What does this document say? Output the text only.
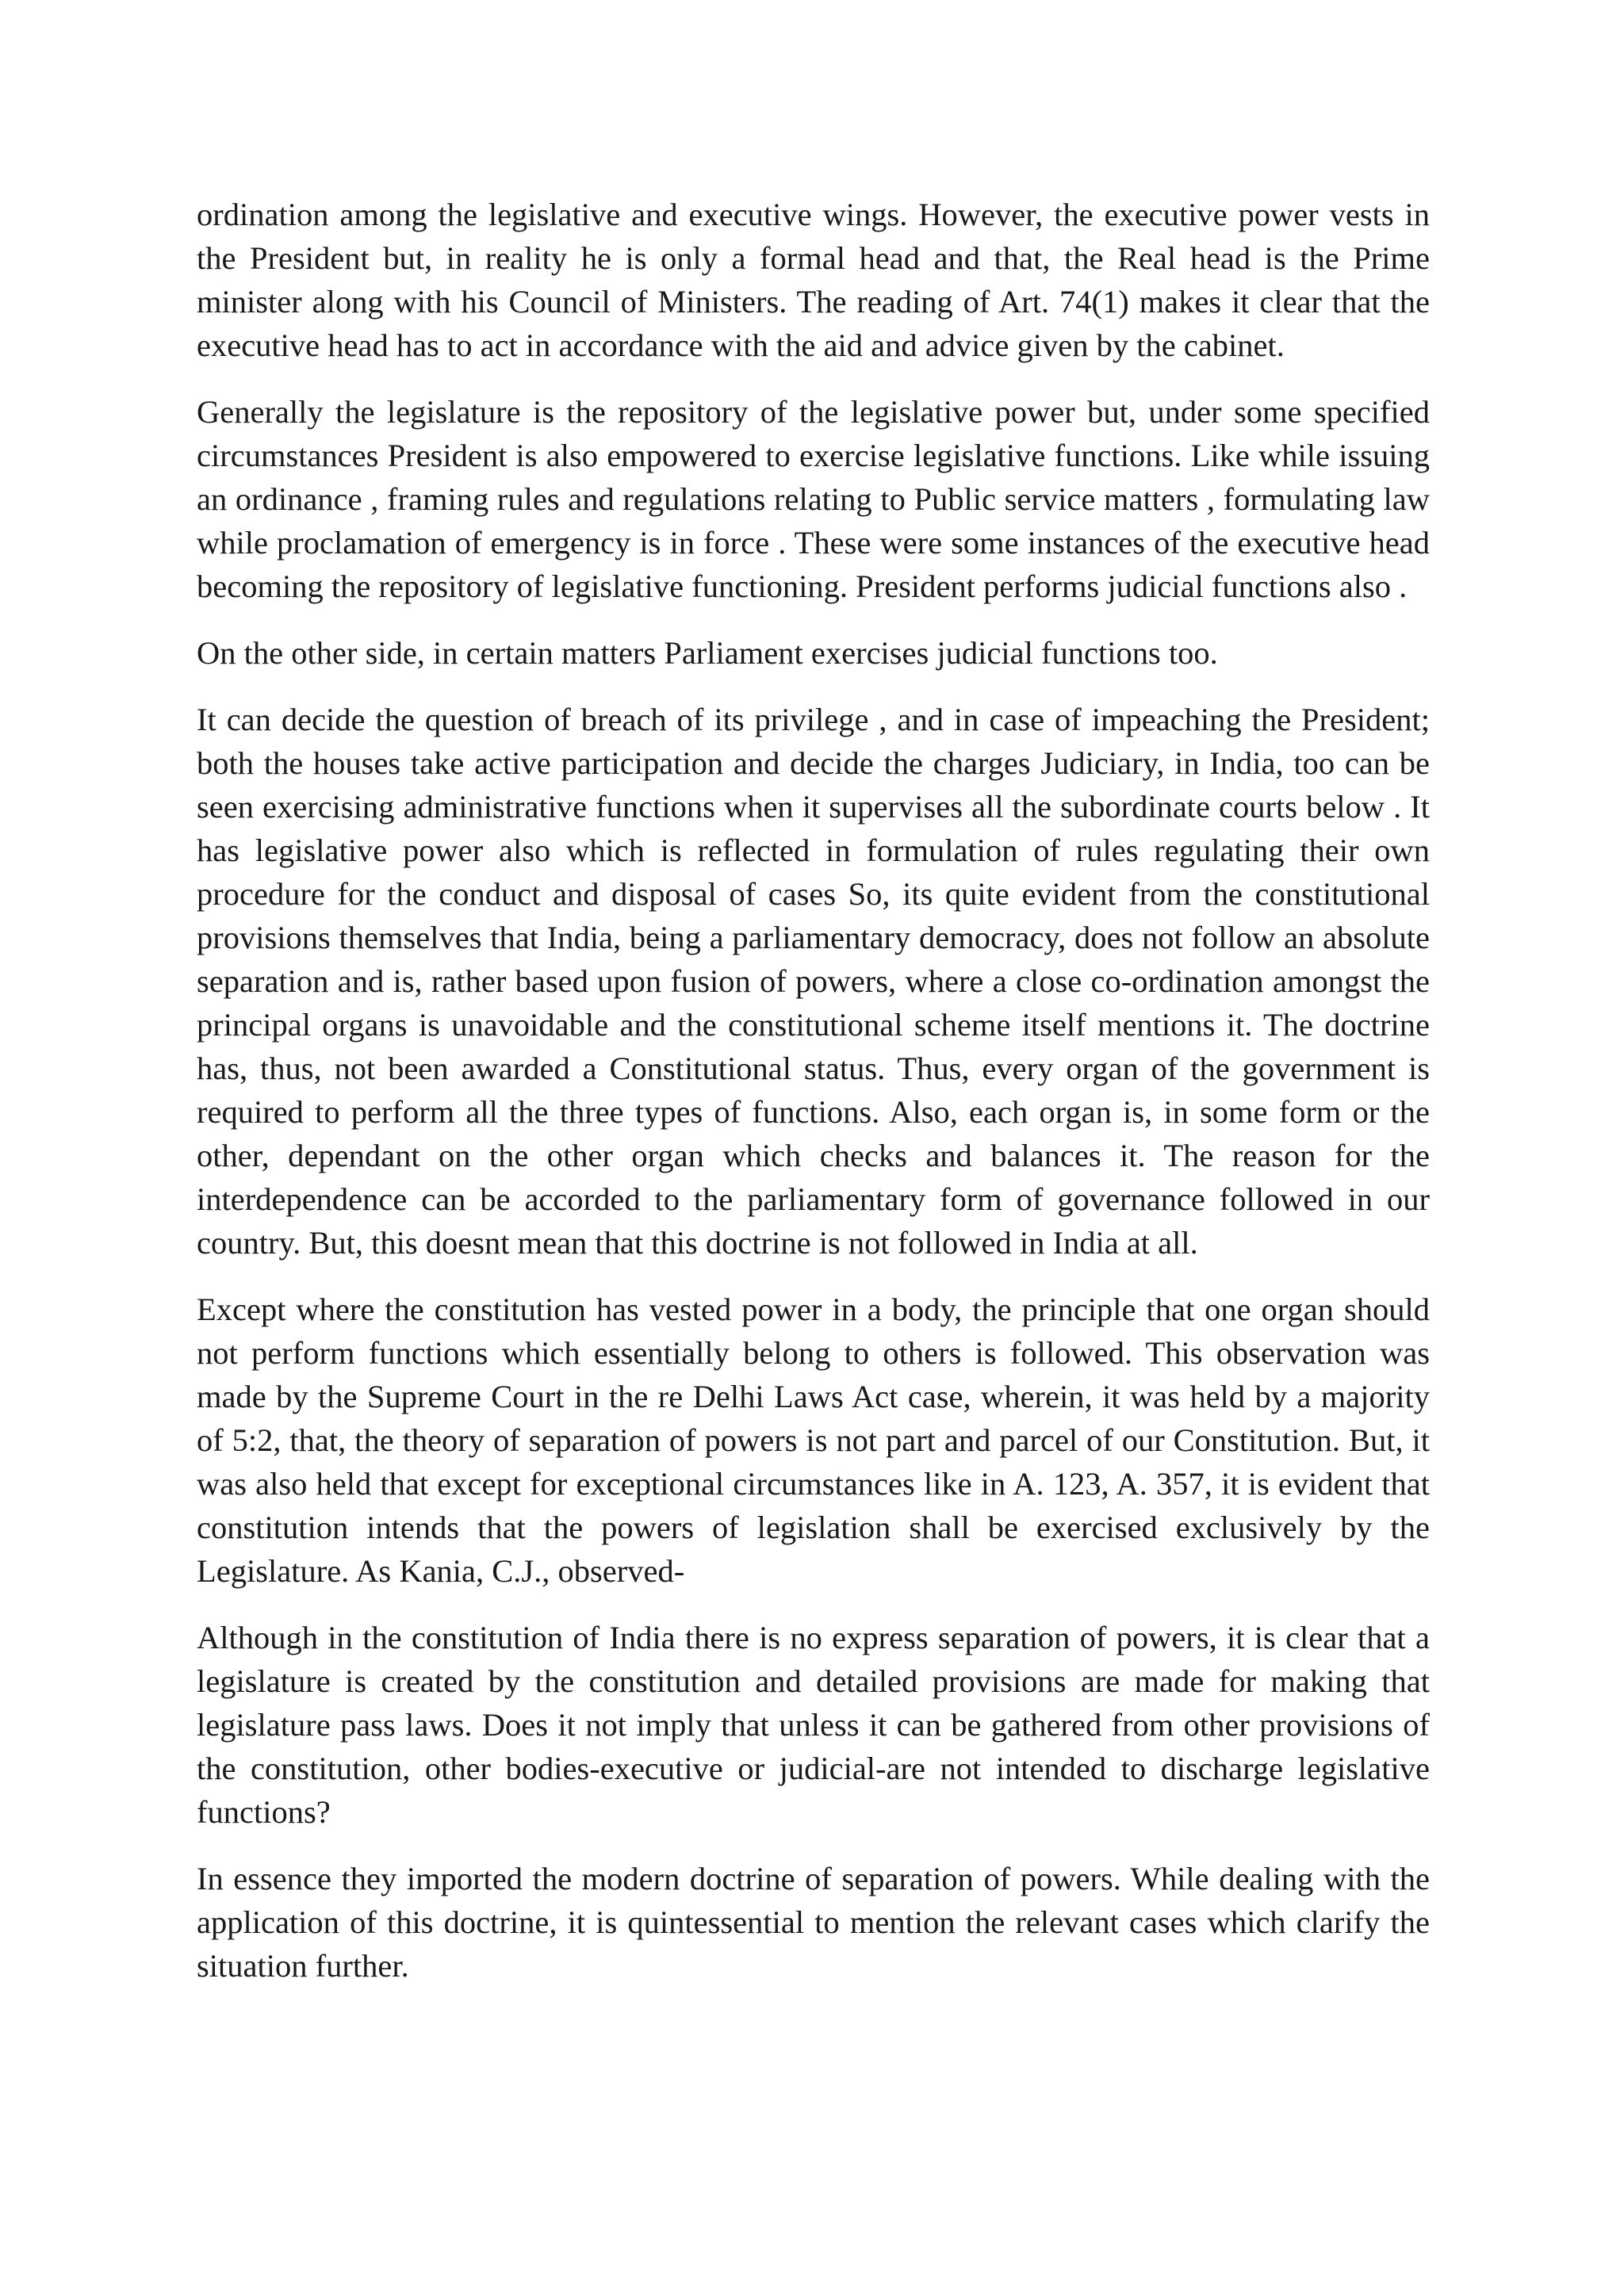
ordination among the legislative and executive wings. However, the executive power vests in the President but, in reality he is only a formal head and that, the Real head is the Prime minister along with his Council of Ministers. The reading of Art. 74(1) makes it clear that the executive head has to act in accordance with the aid and advice given by the cabinet.

Generally the legislature is the repository of the legislative power but, under some specified circumstances President is also empowered to exercise legislative functions. Like while issuing an ordinance , framing rules and regulations relating to Public service matters , formulating law while proclamation of emergency is in force . These were some instances of the executive head becoming the repository of legislative functioning. President performs judicial functions also .

On the other side, in certain matters Parliament exercises judicial functions too.

It can decide the question of breach of its privilege , and in case of impeaching the President; both the houses take active participation and decide the charges Judiciary, in India, too can be seen exercising administrative functions when it supervises all the subordinate courts below . It has legislative power also which is reflected in formulation of rules regulating their own procedure for the conduct and disposal of cases So, its quite evident from the constitutional provisions themselves that India, being a parliamentary democracy, does not follow an absolute separation and is, rather based upon fusion of powers, where a close co-ordination amongst the principal organs is unavoidable and the constitutional scheme itself mentions it. The doctrine has, thus, not been awarded a Constitutional status. Thus, every organ of the government is required to perform all the three types of functions. Also, each organ is, in some form or the other, dependant on the other organ which checks and balances it. The reason for the interdependence can be accorded to the parliamentary form of governance followed in our country. But, this doesnt mean that this doctrine is not followed in India at all.

Except where the constitution has vested power in a body, the principle that one organ should not perform functions which essentially belong to others is followed. This observation was made by the Supreme Court in the re Delhi Laws Act case, wherein, it was held by a majority of 5:2, that, the theory of separation of powers is not part and parcel of our Constitution. But, it was also held that except for exceptional circumstances like in A. 123, A. 357, it is evident that constitution intends that the powers of legislation shall be exercised exclusively by the Legislature. As Kania, C.J., observed-

Although in the constitution of India there is no express separation of powers, it is clear that a legislature is created by the constitution and detailed provisions are made for making that legislature pass laws. Does it not imply that unless it can be gathered from other provisions of the constitution, other bodies-executive or judicial-are not intended to discharge legislative functions?

In essence they imported the modern doctrine of separation of powers. While dealing with the application of this doctrine, it is quintessential to mention the relevant cases which clarify the situation further.
